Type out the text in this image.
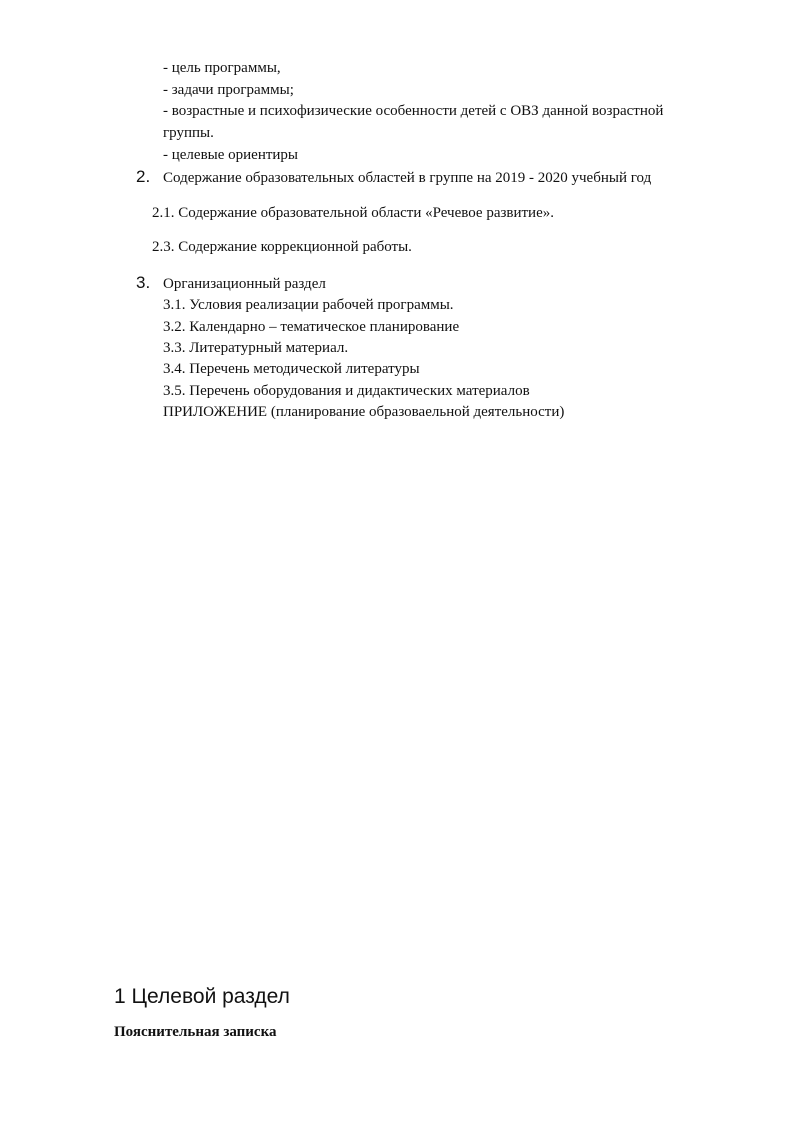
- цель программы,
- задачи программы;
- возрастные и психофизические особенности детей с ОВЗ данной возрастной
группы.
- целевые ориентиры
2. Содержание образовательных областей в группе на 2019 - 2020 учебный год
2.1. Содержание образовательной области «Речевое развитие».
2.3. Содержание коррекционной работы.
3. Организационный раздел
3.1. Условия реализации рабочей программы.
3.2. Календарно – тематическое планирование
3.3. Литературный материал.
3.4. Перечень методической литературы
3.5. Перечень оборудования и дидактических материалов
ПРИЛОЖЕНИЕ (планирование образоваельной деятельности)
1 Целевой раздел
Пояснительная записка
